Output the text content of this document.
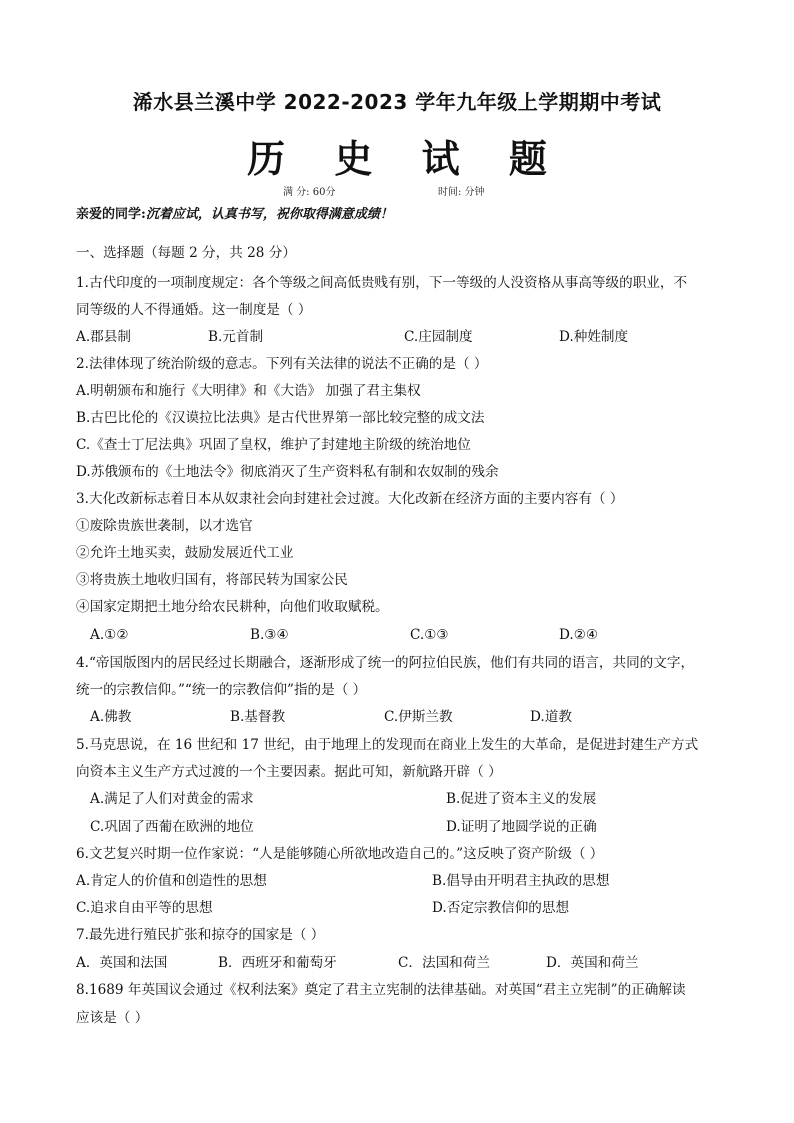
浠水县兰溪中学 2022-2023 学年九年级上学期期中考试
历 史 试 题
满 分: 60分	时间: 分钟
亲爱的同学:沉着应试，认真书写，祝你取得满意成绩！
一、选择题（每题 2 分，共 28 分）
1.古代印度的一项制度规定：各个等级之间高低贵贱有别，下一等级的人没资格从事高等级的职业，不
同等级的人不得通婚。这一制度是（ ）
A.郡县制	B.元首制	C.庄园制度	D.种姓制度
2.法律体现了统治阶级的意志。下列有关法律的说法不正确的是（ ）
A.明朝颁布和施行《大明律》和《大诰》 加强了君主集权
B.古巴比伦的《汉谟拉比法典》是古代世界第一部比较完整的成文法
C.《查士丁尼法典》巩固了皇权，维护了封建地主阶级的统治地位
D.苏俄颁布的《土地法令》彻底消灭了生产资料私有制和农奴制的残余
3.大化改新标志着日本从奴隶社会向封建社会过渡。大化改新在经济方面的主要内容有（ ）
①废除贵族世袭制，以才选官
②允许土地买卖，鼓励发展近代工业
③将贵族土地收归国有，将部民转为国家公民
④国家定期把土地分给农民耕种，向他们收取赋税。
A.①②	B.③④	C.①③	D.②④
4.“帝国版图内的居民经过长期融合，逐渐形成了统一的阿拉伯民族，他们有共同的语言，共同的文字，
统一的宗教信仰。”“统一的宗教信仰”指的是（ ）
A.佛教	B.基督教	C.伊斯兰教	D.道教
5.马克思说，在 16 世纪和 17 世纪，由于地理上的发现而在商业上发生的大革命，是促进封建生产方式
向资本主义生产方式过渡的一个主要因素。据此可知，新航路开辟（ ）
A.满足了人们对黄金的需求	B.促进了资本主义的发展
C.巩固了西葡在欧洲的地位	D.证明了地圆学说的正确
6.文艺复兴时期一位作家说：“人是能够随心所欲地改造自己的。”这反映了资产阶级（ ）
A.肯定人的价值和创造性的思想	B.倡导由开明君主执政的思想
C.追求自由平等的思想	D.否定宗教信仰的思想
7.最先进行殖民扩张和掠夺的国家是（ ）
A．英国和法国	B．西班牙和葡萄牙	C．法国和荷兰	D．英国和荷兰
8.1689 年英国议会通过《权利法案》奠定了君主立宪制的法律基础。对英国“君主立宪制”的正确解读
应该是（ ）
